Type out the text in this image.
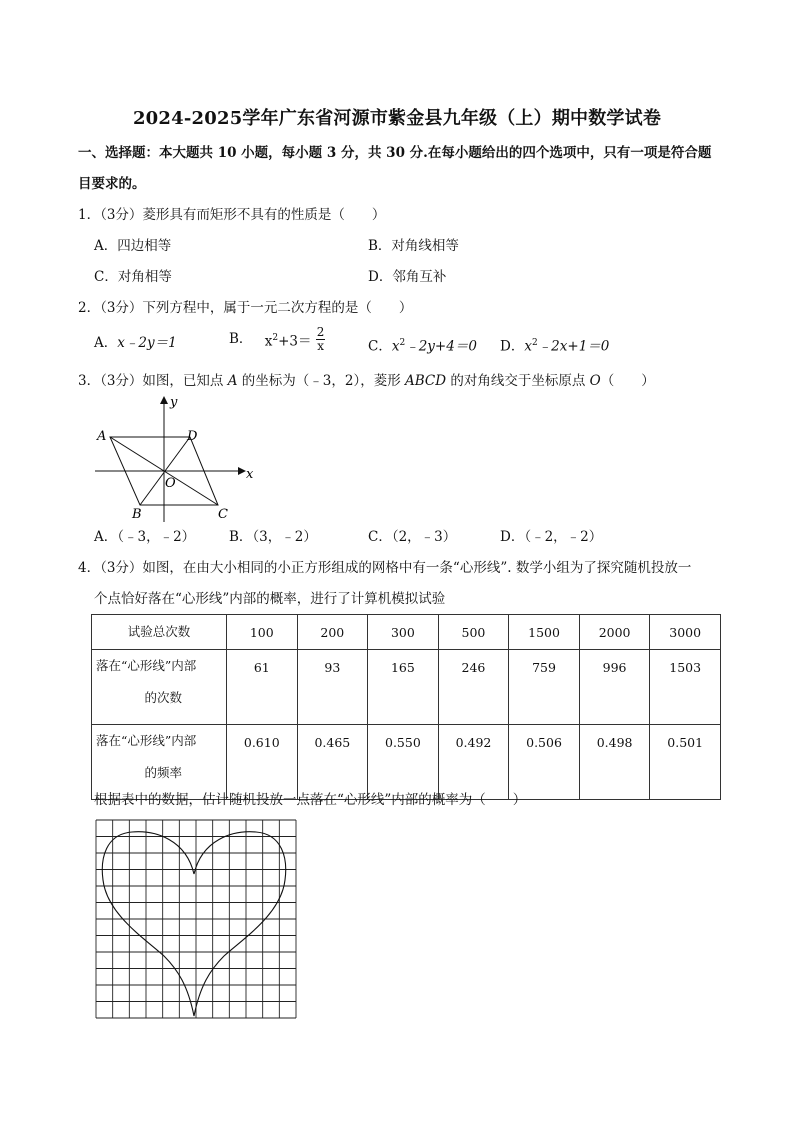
2024-2025学年广东省河源市紫金县九年级（上）期中数学试卷
一、选择题：本大题共 10 小题，每小题 3 分，共 30 分.在每小题给出的四个选项中，只有一项是符合题
目要求的。
1．（3分）菱形具有而矩形不具有的性质是（　　）
A．四边相等	B．对角线相等
C．对角相等	D．邻角互补
2．（3分）下列方程中，属于一元二次方程的是（　　）
A．x﹣2y＝1	B． $x^2+3= \frac{2}{x}$	C．$x^2﹣2y+4=0$ D．$x^2﹣2x+1=0$
3．（3分）如图，已知点 A 的坐标为（﹣3，2），菱形 ABCD 的对角线交于坐标原点 O（　　）
y
x
A	D
O
B	C
A．（﹣3，﹣2）	B．（3，﹣2）	C．（2，﹣3）	D．（﹣2，﹣2）
4．（3分）如图，在由大小相同的小正方形组成的网格中有一条“心形线”. 数学小组为了探究随机投放一
个点恰好落在“心形线”内部的概率，进行了计算机模拟试验
试验总次数	100	200	300	500	1500	2000	3000

落在“心形线”内部
的次数	61	93	165	246	759	996	1503

落在“心形线”内部
的频率	0.610	0.465	0.550	0.492	0.506	0.498	0.501
根据表中的数据，估计随机投放一点落在“心形线”内部的概率为（　　）
